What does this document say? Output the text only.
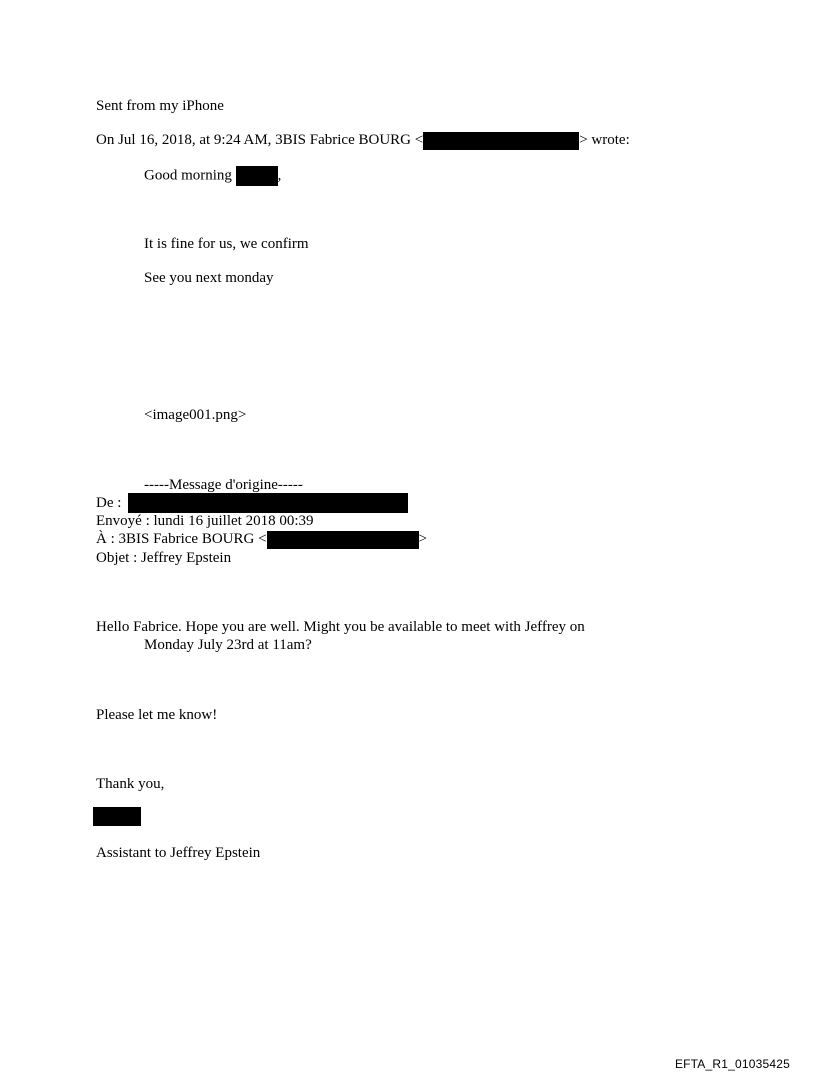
Sent from my iPhone
On Jul 16, 2018, at 9:24 AM, 3BIS Fabrice BOURG <	> wrote:
Good morning	,
It is fine for us, we confirm
See you next monday
<image001.png>
-----Message d'origine-----
De :
Envoyé : lundi 16 juillet 2018 00:39
À : 3BIS Fabrice BOURG <	>
Objet : Jeffrey Epstein
Hello Fabrice. Hope you are well. Might you be available to meet with Jeffrey on
Monday July 23rd at 11am?
Please let me know!
Thank you,
Assistant to Jeffrey Epstein
EFTA_R1_01035425
